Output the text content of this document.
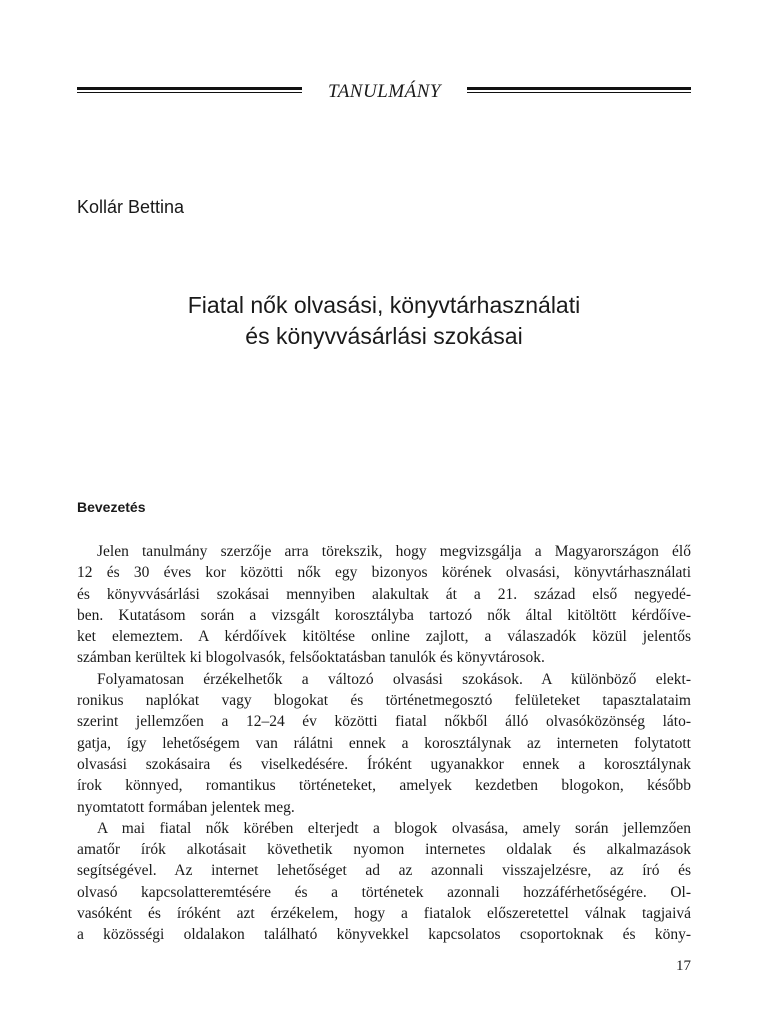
TANULMÁNY
Kollár Bettina
Fiatal nők olvasási, könyvtárhasználati
és könyvvásárlási szokásai
Bevezetés
Jelen tanulmány szerzője arra törekszik, hogy megvizsgálja a Magyarországon élő
12 és 30 éves kor közötti nők egy bizonyos körének olvasási, könyvtárhasználati
és könyvvásárlási szokásai mennyiben alakultak át a 21. század első negyedé-
ben. Kutatásom során a vizsgált korosztályba tartozó nők által kitöltött kérdőíve-
ket elemeztem. A kérdőívek kitöltése online zajlott, a válaszadók közül jelentős
számban kerültek ki blogolvasók, felsőoktatásban tanulók és könyvtárosok.
Folyamatosan érzékelhetők a változó olvasási szokások. A különböző elekt-
ronikus naplókat vagy blogokat és történetmegosztó felületeket tapasztalataim
szerint jellemzően a 12–24 év közötti fiatal nőkből álló olvasóközönség láto-
gatja, így lehetőségem van rálátni ennek a korosztálynak az interneten folytatott
olvasási szokásaira és viselkedésére. Íróként ugyanakkor ennek a korosztálynak
írok könnyed, romantikus történeteket, amelyek kezdetben blogokon, később
nyomtatott formában jelentek meg.
A mai fiatal nők körében elterjedt a blogok olvasása, amely során jellemzően
amatőr írók alkotásait követhetik nyomon internetes oldalak és alkalmazások
segítségével. Az internet lehetőséget ad az azonnali visszajelzésre, az író és
olvasó kapcsolatteremtésére és a történetek azonnali hozzáférhetőségére. Ol-
vasóként és íróként azt érzékelem, hogy a fiatalok előszeretettel válnak tagjaivá
a közösségi oldalakon található könyvekkel kapcsolatos csoportoknak és köny-
17
